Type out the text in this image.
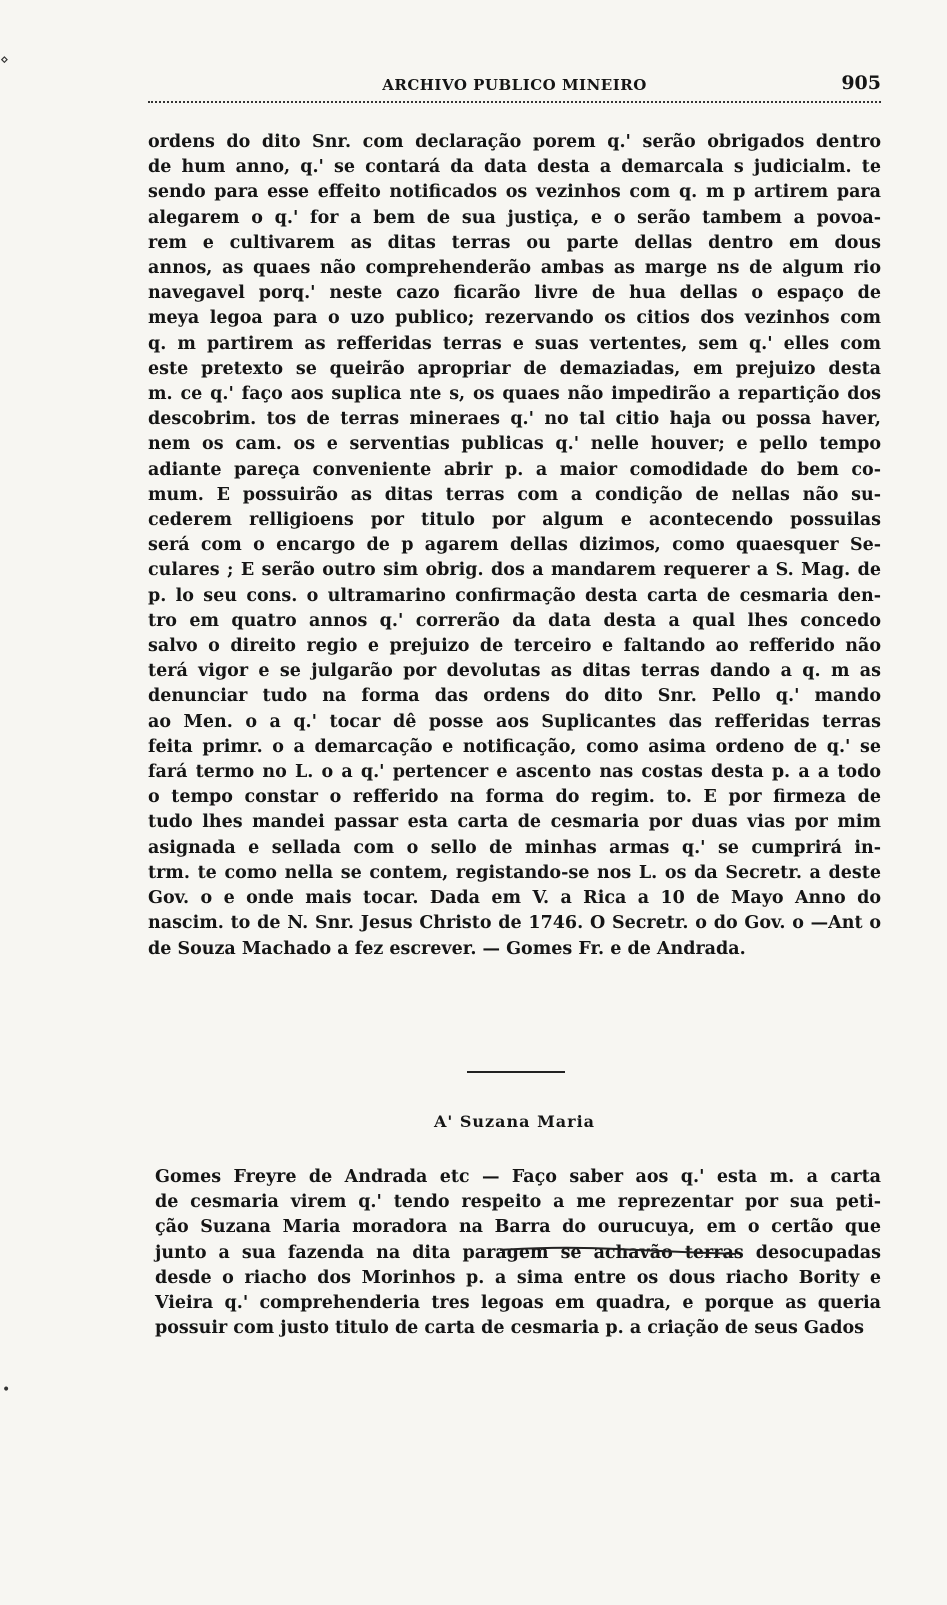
ARCHIVO PUBLICO MINEIRO	905
ordens do dito Snr. com declaração porem q.' serão obrigados dentro
de hum anno, q.' se contará da data desta a demarcala s judicialm. te
sendo para esse effeito notificados os vezinhos com q. m p artirem para
alegarem o q.' for a bem de sua justiça, e o serão tambem a povoa-
rem e cultivarem as ditas terras ou parte dellas dentro em dous
annos, as quaes não comprehenderão ambas as marge ns de algum rio
navegavel porq.' neste cazo ficarão livre de hua dellas o espaço de
meya legoa para o uzo publico; rezervando os citios dos vezinhos com
q. m partirem as refferidas terras e suas vertentes, sem q.' elles com
este pretexto se queirão apropriar de demaziadas, em prejuizo desta
m. ce q.' faço aos suplica nte s, os quaes não impedirão a repartição dos
descobrim. tos de terras mineraes q.' no tal citio haja ou possa haver,
nem os cam. os e serventias publicas q.' nelle houver; e pello tempo
adiante pareça conveniente abrir p. a maior comodidade do bem co-
mum. E possuirão as ditas terras com a condição de nellas não su-
cederem relligioens por titulo por algum e acontecendo possuilas
será com o encargo de p agarem dellas dizimos, como quaesquer Se-
culares ; E serão outro sim obrig. dos a mandarem requerer a S. Mag. de
p. lo seu cons. o ultramarino confirmação desta carta de cesmaria den-
tro em quatro annos q.' correrão da data desta a qual lhes concedo
salvo o direito regio e prejuizo de terceiro e faltando ao refferido não
terá vigor e se julgarão por devolutas as ditas terras dando a q. m as
denunciar tudo na forma das ordens do dito Snr. Pello q.' mando
ao Men. o a q.' tocar dê posse aos Suplicantes das refferidas terras
feita primr. o a demarcação e notificação, como asima ordeno de q.' se
fará termo no L. o a q.' pertencer e ascento nas costas desta p. a a todo
o tempo constar o refferido na forma do regim. to. E por firmeza de
tudo lhes mandei passar esta carta de cesmaria por duas vias por mim
asignada e sellada com o sello de minhas armas q.' se cumprirá in-
trm. te como nella se contem, registando-se nos L. os da Secretr. a deste
Gov. o e onde mais tocar. Dada em V. a Rica a 10 de Mayo Anno do
nascim. to de N. Snr. Jesus Christo de 1746. O Secretr. o do Gov. o —Ant o
de Souza Machado a fez escrever. — Gomes Fr. e de Andrada.
A' Suzana Maria
Gomes Freyre de Andrada etc — Faço saber aos q.' esta m. a carta
de cesmaria virem q.' tendo respeito a me reprezentar por sua peti-
ção Suzana Maria moradora na Barra do ourucuya, em o certão que
junto a sua fazenda na dita paragem se achavão terras desocupadas
desde o riacho dos Morinhos p. a sima entre os dous riacho Bority e
Vieira q.' comprehenderia tres legoas em quadra, e porque as queria
possuir com justo titulo de carta de cesmaria p. a criação de seus Gados
⋄
•
